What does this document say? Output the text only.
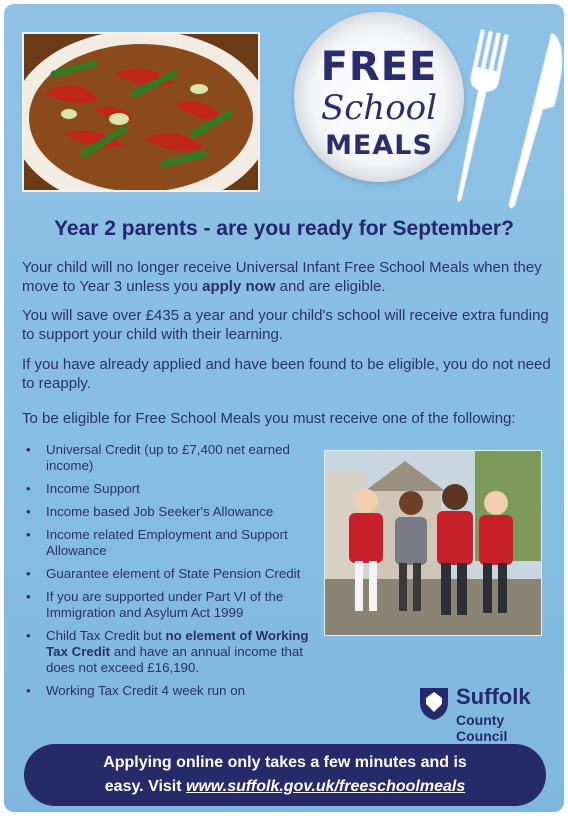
FREE
School
MEALS
Year 2 parents - are you ready for September?
Your child will no longer receive Universal Infant Free School Meals when they move to Year 3 unless you apply now and are eligible.
You will save over £435 a year and your child's school will receive extra funding to support your child with their learning.
If you have already applied and have been found to be eligible, you do not need to reapply.
To be eligible for Free School Meals you must receive one of the following:
• Universal Credit (up to £7,400 net earned income)
• Income Support
• Income based Job Seeker's Allowance
• Income related Employment and Support Allowance
• Guarantee element of State Pension Credit
• If you are supported under Part VI of the Immigration and Asylum Act 1999
• Child Tax Credit but no element of Working Tax Credit and have an annual income that does not exceed £16,190.
• Working Tax Credit 4 week run on	Suffolk
County Council
Applying online only takes a few minutes and is
easy. Visit www.suffolk.gov.uk/freeschoolmeals
